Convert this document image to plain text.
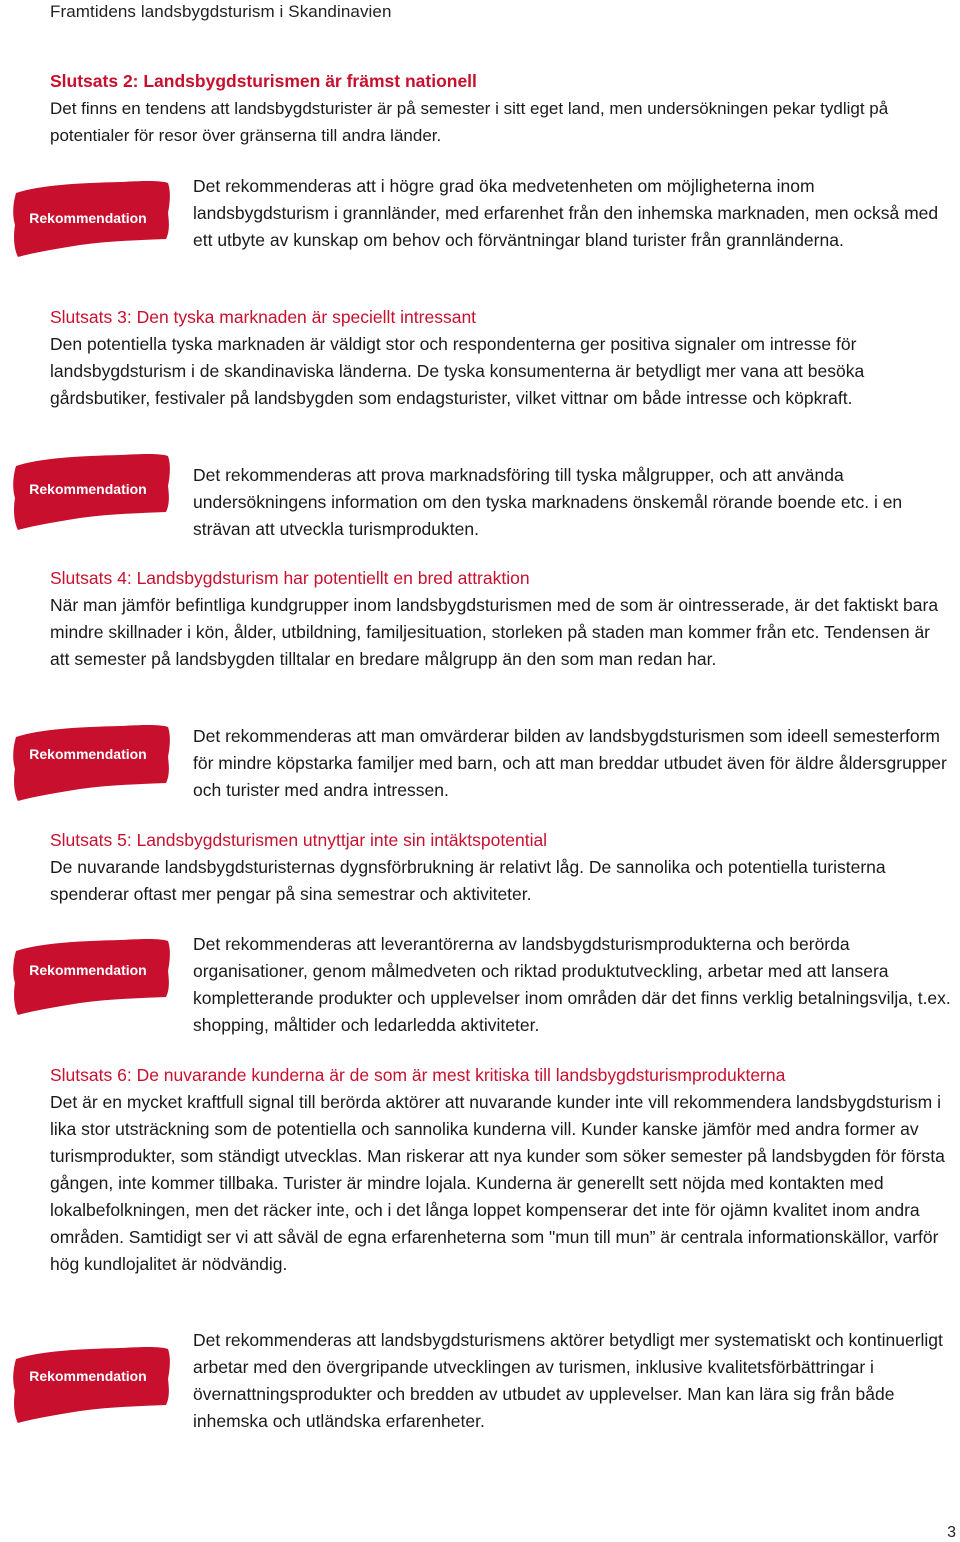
Framtidens landsbygdsturism i Skandinavien

Slutsats 2: Landsbygdsturismen är främst nationell

Det finns en tendens att landsbygdsturister är på semester i sitt eget land, men undersökningen pekar tydligt på potentialer för resor över gränserna till andra länder.

Rekommendation

Det rekommenderas att i högre grad öka medvetenheten om möjligheterna inom landsbygdsturism i grannländer, med erfarenhet från den inhemska marknaden, men också med ett utbyte av kunskap om behov och förväntningar bland turister från grannländerna.

Slutsats 3: Den tyska marknaden är speciellt intressant

Den potentiella tyska marknaden är väldigt stor och respondenterna ger positiva signaler om intresse för landsbygdsturism i de skandinaviska länderna. De tyska konsumenterna är betydligt mer vana att besöka gårdsbutiker, festivaler på landsbygden som endagsturister, vilket vittnar om både intresse och köpkraft.

Rekommendation

Det rekommenderas att prova marknadsföring till tyska målgrupper, och att använda undersökningens information om den tyska marknadens önskemål rörande boende etc. i en strävan att utveckla turismprodukten.

Slutsats 4: Landsbygdsturism har potentiellt en bred attraktion

När man jämför befintliga kundgrupper inom landsbygdsturismen med de som är ointresserade, är det faktiskt bara mindre skillnader i kön, ålder, utbildning, familjesituation, storleken på staden man kommer från etc. Tendensen är att semester på landsbygden tilltalar en bredare målgrupp än den som man redan har.

Rekommendation

Det rekommenderas att man omvärderar bilden av landsbygdsturismen som ideell semesterform för mindre köpstarka familjer med barn, och att man breddar utbudet även för äldre åldersgrupper och turister med andra intressen.

Slutsats 5: Landsbygdsturismen utnyttjar inte sin intäktspotential

De nuvarande landsbygdsturisternas dygnsförbrukning är relativt låg. De sannolika och potentiella turisterna spenderar oftast mer pengar på sina semestrar och aktiviteter.

Rekommendation

Det rekommenderas att leverantörerna av landsbygdsturismprodukterna och berörda organisationer, genom målmedveten och riktad produktutveckling, arbetar med att lansera kompletterande produkter och upplevelser inom områden där det finns verklig betalningsvilja, t.ex. shopping, måltider och ledarledda aktiviteter.

Slutsats 6: De nuvarande kunderna är de som är mest kritiska till landsbygdsturismprodukterna

Det är en mycket kraftfull signal till berörda aktörer att nuvarande kunder inte vill rekommendera landsbygdsturism i lika stor utsträckning som de potentiella och sannolika kunderna vill. Kunder kanske jämför med andra former av turismprodukter, som ständigt utvecklas. Man riskerar att nya kunder som söker semester på landsbygden för första gången, inte kommer tillbaka. Turister är mindre lojala. Kunderna är generellt sett nöjda med kontakten med lokalbefolkningen, men det räcker inte, och i det långa loppet kompenserar det inte för ojämn kvalitet inom andra områden. Samtidigt ser vi att såväl de egna erfarenheterna som "mun till mun” är centrala informationskällor, varför hög kundlojalitet är nödvändig.

Rekommendation

Det rekommenderas att landsbygdsturismens aktörer betydligt mer systematiskt och kontinuerligt arbetar med den övergripande utvecklingen av turismen, inklusive kvalitetsförbättringar i övernattningsprodukter och bredden av utbudet av upplevelser. Man kan lära sig från både inhemska och utländska erfarenheter.

3
